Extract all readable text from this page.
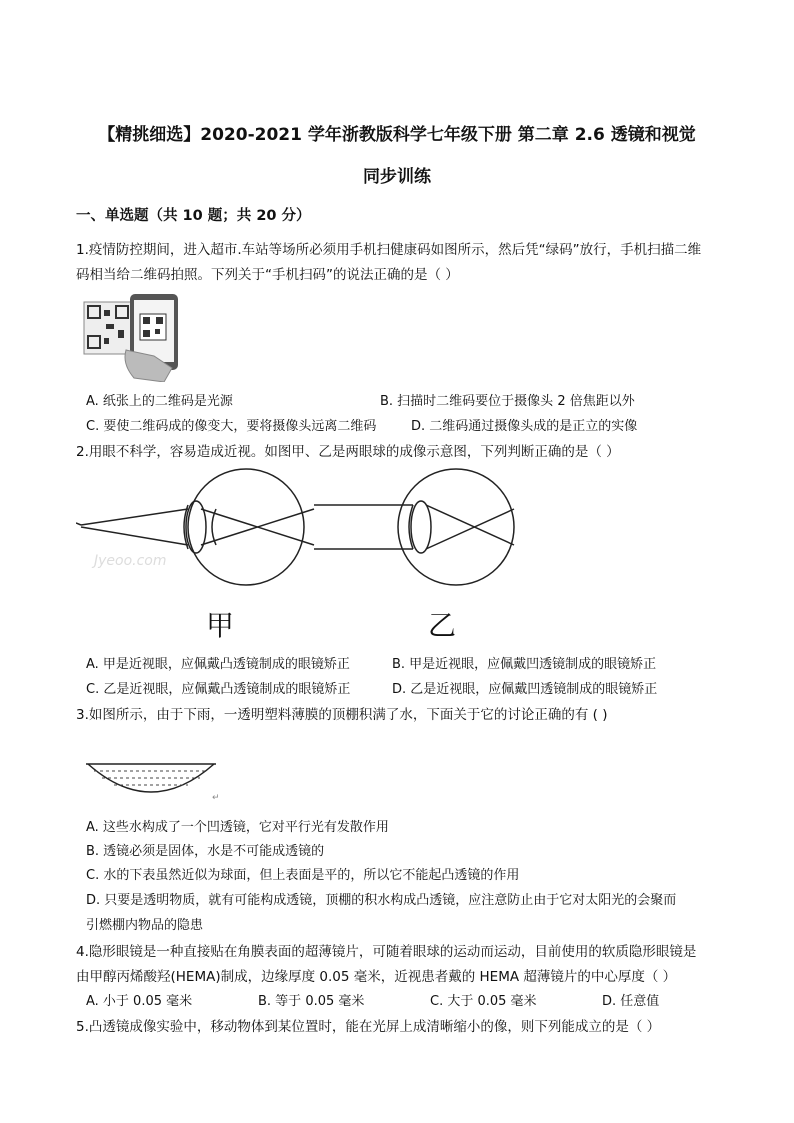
【精挑细选】2020-2021 学年浙教版科学七年级下册 第二章 2.6 透镜和视觉
同步训练
一、单选题（共 10 题；共 20 分）
1.疫情防控期间，进入超市.车站等场所必须用手机扫健康码如图所示，然后凭“绿码”放行，手机扫描二维
码相当给二维码拍照。下列关于“手机扫码”的说法正确的是（ ）
A. 纸张上的二维码是光源	B. 扫描时二维码要位于摄像头 2 倍焦距以外
C. 要使二维码成的像变大，要将摄像头远离二维码	D. 二维码通过摄像头成的是正立的实像
2.用眼不科学，容易造成近视。如图甲、乙是两眼球的成像示意图，下列判断正确的是（ ）
Jyeoo.com
甲	乙
A. 甲是近视眼，应佩戴凸透镜制成的眼镜矫正	B. 甲是近视眼，应佩戴凹透镜制成的眼镜矫正
C. 乙是近视眼，应佩戴凸透镜制成的眼镜矫正	D. 乙是近视眼，应佩戴凹透镜制成的眼镜矫正
3.如图所示，由于下雨，一透明塑料薄膜的顶棚积满了水，下面关于它的讨论正确的有 ( )
↵
A. 这些水构成了一个凹透镜，它对平行光有发散作用
B. 透镜必须是固体，水是不可能成透镜的
C. 水的下表虽然近似为球面，但上表面是平的，所以它不能起凸透镜的作用
D. 只要是透明物质，就有可能构成透镜，顶棚的积水构成凸透镜，应注意防止由于它对太阳光的会聚而
引燃棚内物品的隐患
4.隐形眼镜是一种直接贴在角膜表面的超薄镜片，可随着眼球的运动而运动，目前使用的软质隐形眼镜是
由甲醇丙烯酸羟(HEMA)制成，边缘厚度 0.05 毫米，近视患者戴的 HEMA 超薄镜片的中心厚度（ ）
A. 小于 0.05 毫米	B. 等于 0.05 毫米	C. 大于 0.05 毫米	D. 任意值
5.凸透镜成像实验中，移动物体到某位置时，能在光屏上成清晰缩小的像，则下列能成立的是（ ）
